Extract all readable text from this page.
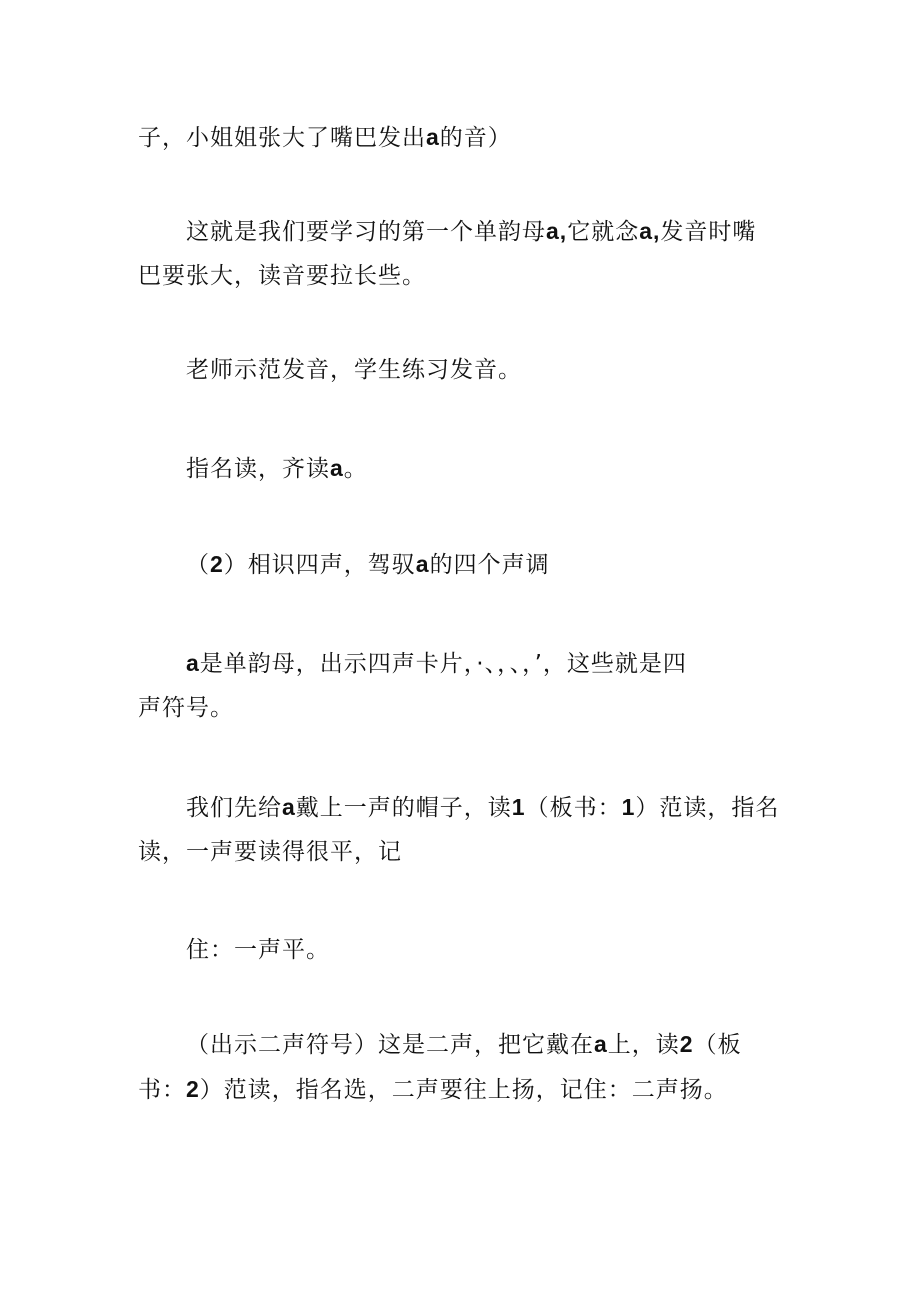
子，小姐姐张大了嘴巴发出a的音）

这就是我们要学习的第一个单韵母a,它就念a,发音时嘴
巴要张大，读音要拉长些。

老师示范发音，学生练习发音。

指名读，齐读a。

（2）相识四声，驾驭a的四个声调

a是单韵母，出示四声卡片，·、，、，’，这些就是四
声符号。

我们先给a戴上一声的帽子，读1（板书：1）范读，指名
读，一声要读得很平，记

住：一声平。

（出示二声符号）这是二声，把它戴在a上，读2（板
书：2）范读，指名选，二声要往上扬，记住：二声扬。
